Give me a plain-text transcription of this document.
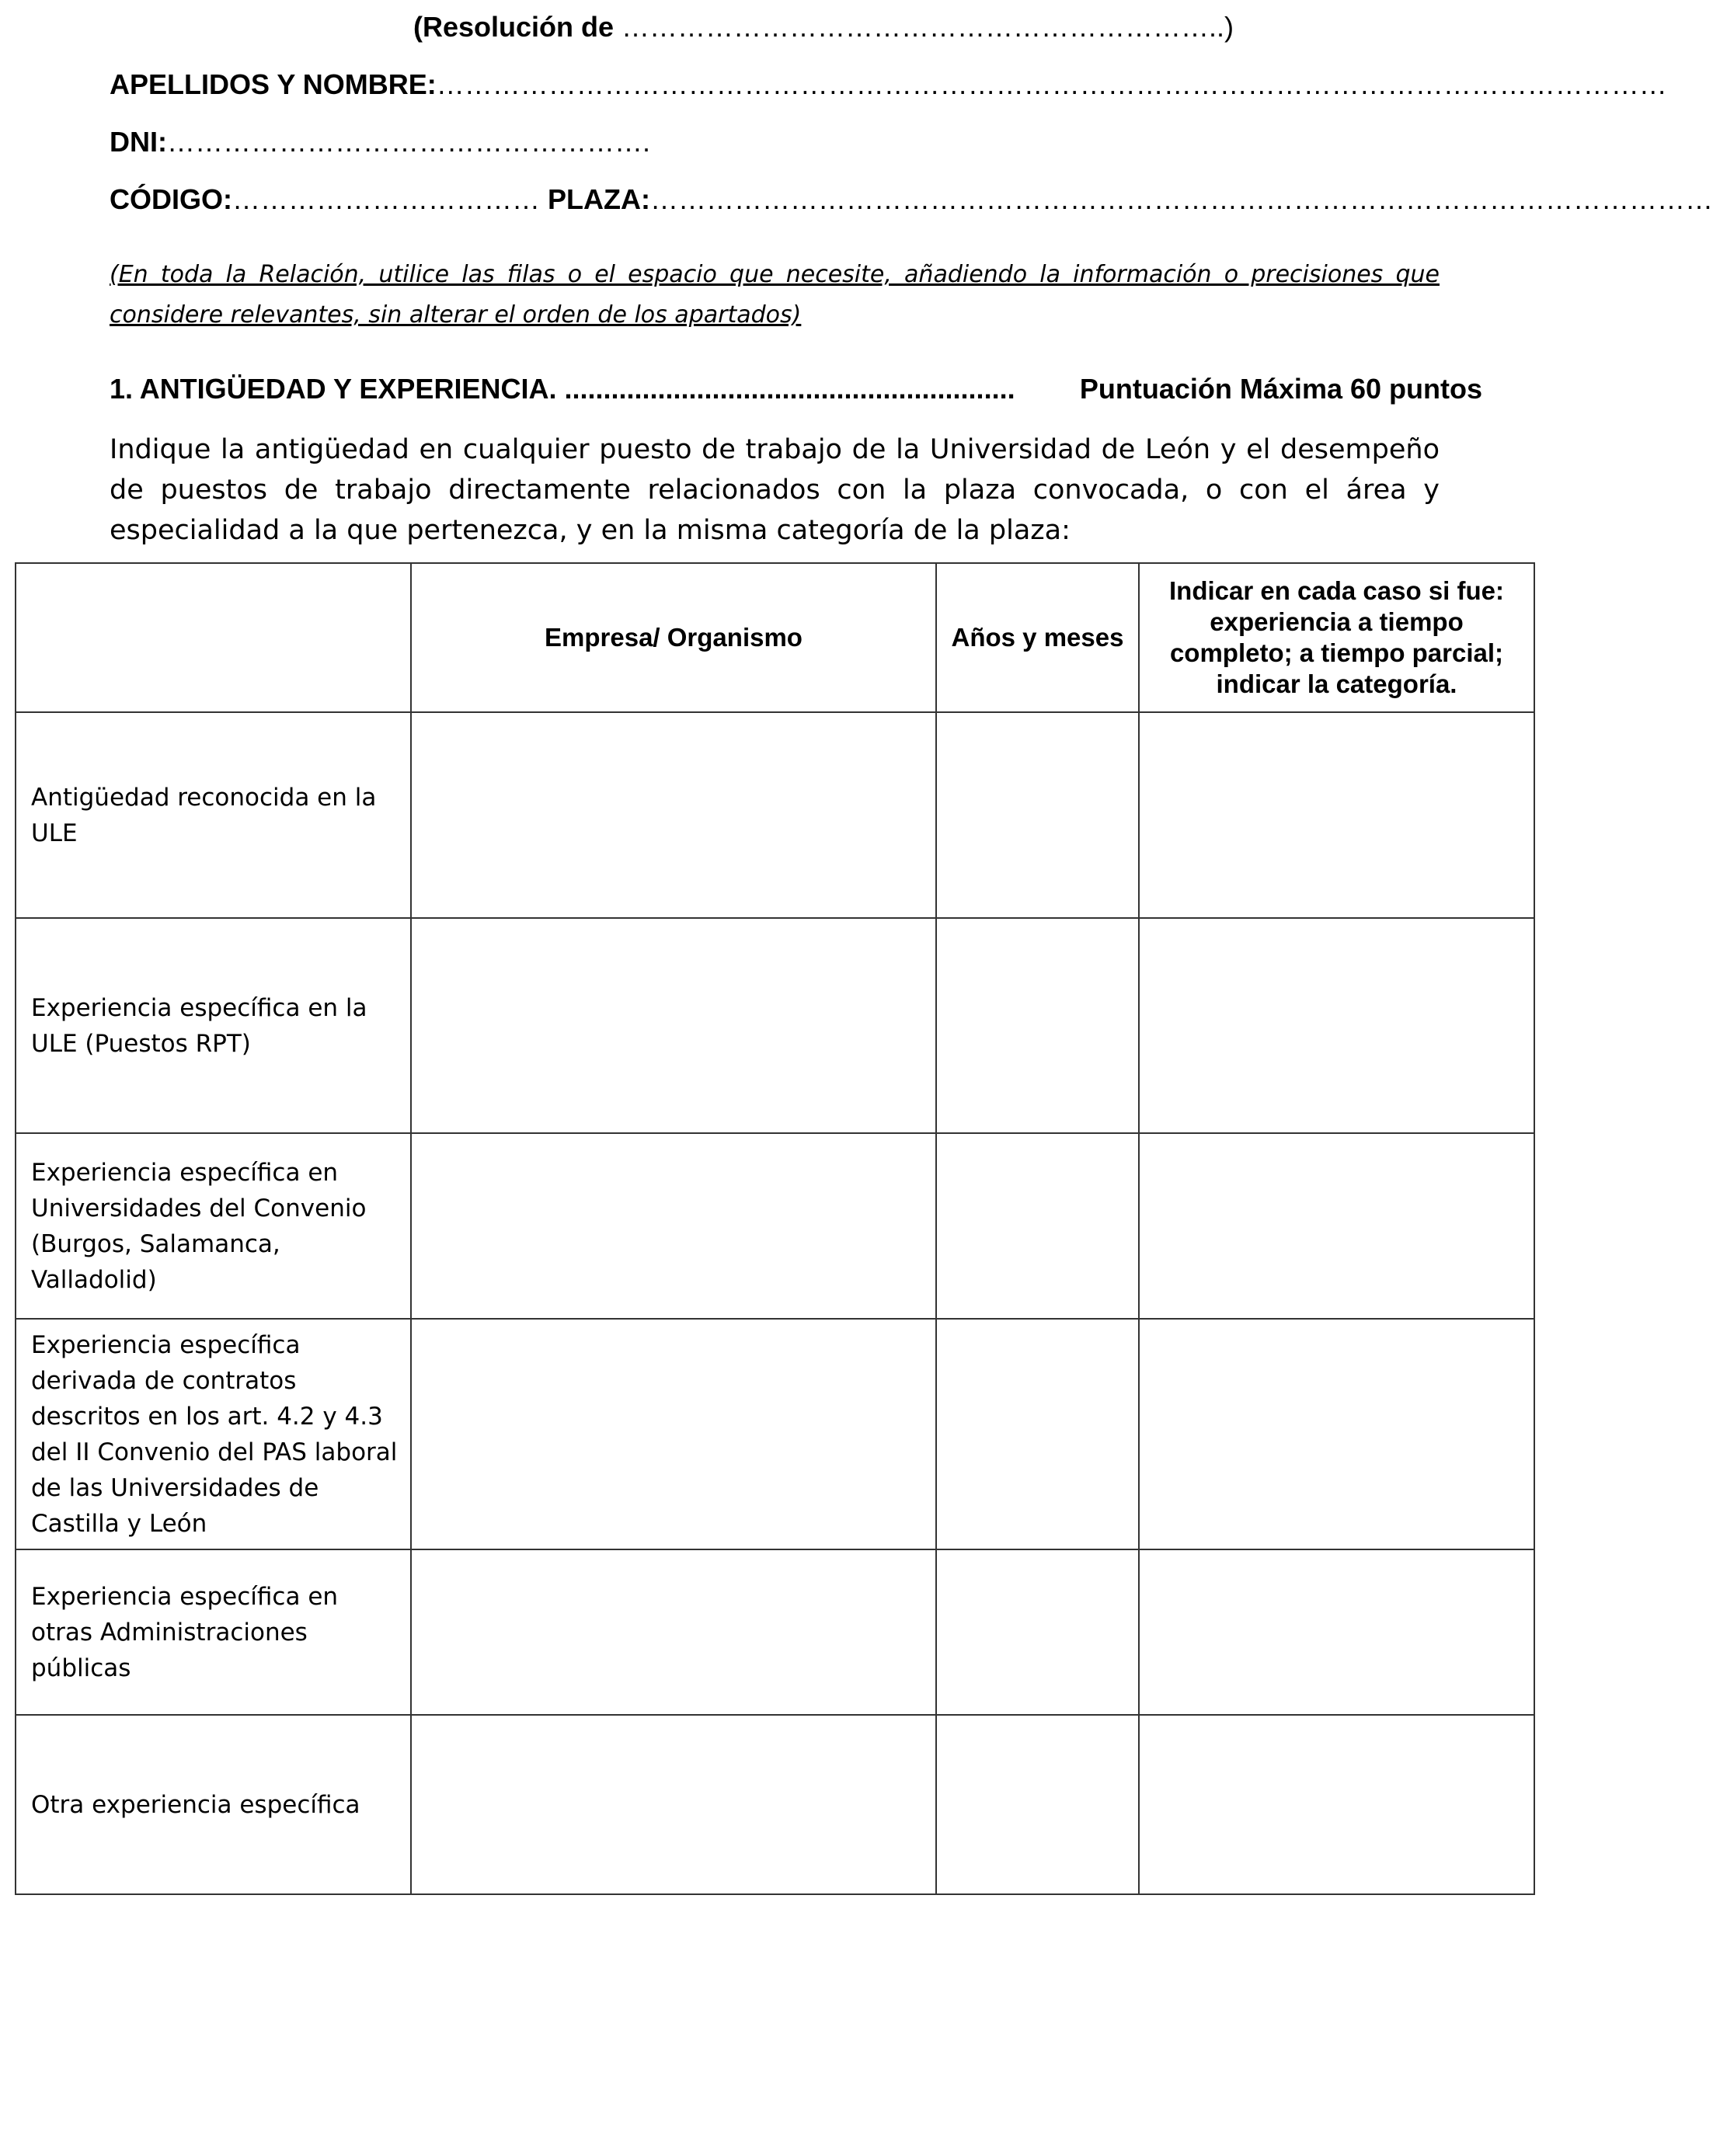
(Resolución de ………………………………………………………..)
APELLIDOS Y NOMBRE:……………………………………………………………………………………………………………………
DNI:…………………………………………….
CÓDIGO:…………………………… PLAZA:……………………………………………………………………………………………………
(En toda la Relación, utilice las filas o el espacio que necesite, añadiendo la información o precisiones que considere relevantes, sin alterar el orden de los apartados)
1. ANTIGÜEDAD Y EXPERIENCIA. .......................................................... Puntuación Máxima 60 puntos
Indique la antigüedad en cualquier puesto de trabajo de la Universidad de León y el desempeño de puestos de trabajo directamente relacionados con la plaza convocada, o con el área y especialidad a la que pertenezca, y en la misma categoría de la plaza:
	Empresa/ Organismo	Años y meses	Indicar en cada caso si fue: experiencia a tiempo completo; a tiempo parcial; indicar la categoría.
Antigüedad reconocida en la ULE			
Experiencia específica en la ULE (Puestos RPT)			
Experiencia específica en Universidades del Convenio (Burgos, Salamanca, Valladolid)			
Experiencia específica derivada de contratos descritos en los art. 4.2 y 4.3 del II Convenio del PAS laboral de las Universidades de Castilla y León			
Experiencia específica en otras Administraciones públicas			
Otra experiencia específica			
